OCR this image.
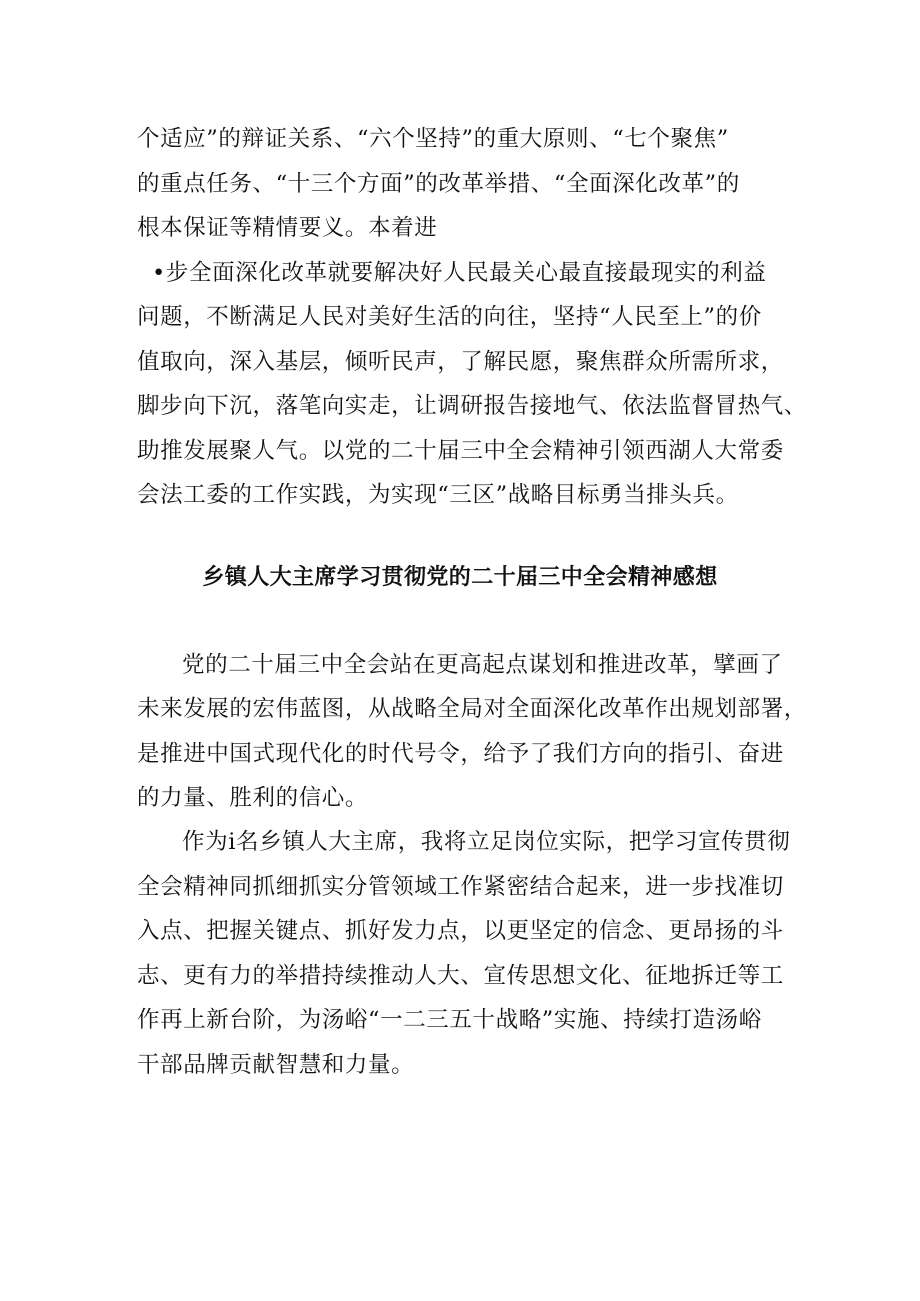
个适应”的辩证关系、“六个坚持”的重大原则、“七个聚焦”
的重点任务、“十三个方面”的改革举措、“全面深化改革”的
根本保证等精情要义。本着进
•步全面深化改革就要解决好人民最关心最直接最现实的利益
问题，不断满足人民对美好生活的向往，坚持“人民至上”的价
值取向，深入基层，倾听民声，了解民愿，聚焦群众所需所求，
脚步向下沉，落笔向实走，让调研报告接地气、依法监督冒热气、
助推发展聚人气。以党的二十届三中全会精神引领西湖人大常委
会法工委的工作实践，为实现“三区”战略目标勇当排头兵。
乡镇人大主席学习贯彻党的二十届三中全会精神感想
党的二十届三中全会站在更高起点谋划和推进改革，擘画了
未来发展的宏伟蓝图，从战略全局对全面深化改革作出规划部署，
是推进中国式现代化的时代号令，给予了我们方向的指引、奋进
的力量、胜利的信心。
作为i名乡镇人大主席，我将立足岗位实际，把学习宣传贯彻
全会精神同抓细抓实分管领域工作紧密结合起来，进一步找准切
入点、把握关键点、抓好发力点，以更坚定的信念、更昂扬的斗
志、更有力的举措持续推动人大、宣传思想文化、征地拆迁等工
作再上新台阶，为汤峪“一二三五十战略”实施、持续打造汤峪
干部品牌贡献智慧和力量。
